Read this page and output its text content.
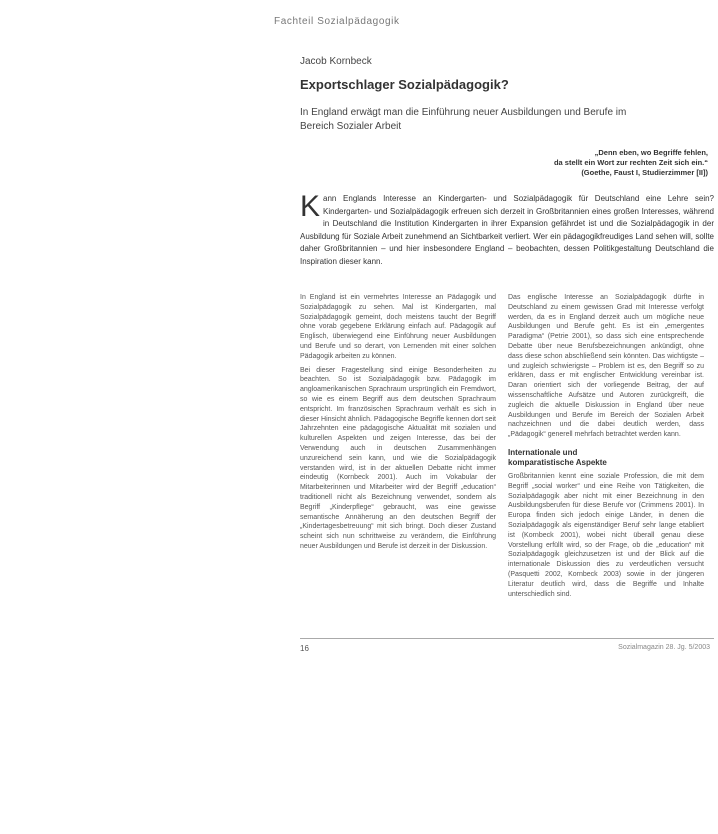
Fachteil Sozialpädagogik
Jacob Kornbeck
Exportschlager Sozialpädagogik?
In England erwägt man die Einführung neuer Ausbildungen und Berufe im Bereich Sozialer Arbeit
„Denn eben, wo Begriffe fehlen,
da stellt ein Wort zur rechten Zeit sich ein.“
(Goethe, Faust I, Studierzimmer [II])
Kann Englands Interesse an Kindergarten- und Sozialpädagogik für Deutschland eine Lehre sein? Kindergarten- und Sozialpädagogik erfreuen sich derzeit in Großbritannien eines großen Interesses, während in Deutschland die Institution Kindergarten in ihrer Expansion gefährdet ist und die Sozialpädagogik in der Ausbildung für Soziale Arbeit zunehmend an Sichtbarkeit verliert. Wer ein pädagogikfreudiges Land sehen will, sollte daher Großbritannien – und hier insbesondere England – beobachten, dessen Politikgestaltung Deutschland die Inspiration dieser kann.

In England ist ein vermehrtes Interesse an Pädagogik und Sozialpädagogik zu sehen. Mal ist Kindergarten, mal Sozialpädagogik gemeint, doch meistens taucht der Begriff ohne vorab gegebene Erklärung einfach auf. Pädagogik auf Englisch, überwiegend eine Einführung neuer Ausbildungen und Berufe und so derart, von Lernenden mit einer solchen Pädagogik arbeiten zu können.

Bei dieser Fragestellung sind einige Besonderheiten zu beachten. So ist Sozialpädagogik bzw. Pädagogik im angloamerikanischen Sprachraum ursprünglich ein Fremdwort, so wie es einem Begriff aus dem deutschen Sprachraum entspricht. Im französischen Sprachraum verhält es sich in dieser Hinsicht ähnlich. Pädagogische Begriffe kennen dort seit Jahrzehnten eine pädagogische Aktualität mit sozialen und kulturellen Aspekten und zeigen Interesse, das bei der Verwendung auch in deutschen Zusammenhängen unzureichend sein kann, und wie die Sozialpädagogik verstanden wird, ist in der aktuellen Debatte nicht immer eindeutig (Kornbeck 2001). Auch im Vokabular der Mitarbeiterinnen und Mitarbeiter wird der Begriff „education“ traditionell nicht als Bezeichnung verwendet, sondern als Begriff „Kinderpflege“ gebraucht, was eine gewisse semantische Annäherung an den deutschen Begriff der „Kindertagesbetreuung“ mit sich bringt. Doch dieser Zustand scheint sich nun schrittweise zu verändern, die Einführung neuer Ausbildungen und Berufe ist derzeit in der Diskussion.

Das englische Interesse an Sozialpädagogik dürfte in Deutschland zu einem gewissen Grad mit Interesse verfolgt werden, da es in England derzeit auch um mögliche neue Ausbildungen und Berufe geht. Es ist ein „emergentes Paradigma“ (Petrie 2001), so dass sich eine entsprechende Debatte über neue Berufsbezeichnungen ankündigt, ohne dass diese schon abschließend sein könnten. Das wichtigste – und zugleich schwierigste – Problem ist es, den Begriff so zu erklären, dass er mit englischer Entwicklung vereinbar ist. Daran orientiert sich der vorliegende Beitrag, der auf wissenschaftliche Aufsätze und Autoren zurückgreift, die zugleich die aktuelle Diskussion in England über neue Ausbildungen und Berufe im Bereich der Sozialen Arbeit nachzeichnen und die dabei deutlich werden, dass „Pädagogik“ generell mehrfach betrachtet werden kann.

Internationale und
komparatistische Aspekte

Großbritannien kennt eine soziale Profession, die mit dem Begriff „social worker“ und eine Reihe von Tätigkeiten, die Sozialpädagogik aber nicht mit einer Bezeichnung in den Ausbildungsberufen für diese Berufe vor (Crimmens 2001). In Europa finden sich jedoch einige Länder, in denen die Sozialpädagogik als eigenständiger Beruf sehr lange etabliert ist (Kornbeck 2001), wobei nicht überall genau diese Vorstellung erfüllt wird, so der Frage, ob die „education“ mit Sozialpädagogik gleichzusetzen ist und der Blick auf die internationale Diskussion dies zu verdeutlichen versucht (Pasquetti 2002, Kornbeck 2003) sowie in der jüngeren Literatur deutlich wird, dass die Begriffe und Inhalte unterschiedlich sind.

16	Sozialmagazin 28. Jg. 5/2003
